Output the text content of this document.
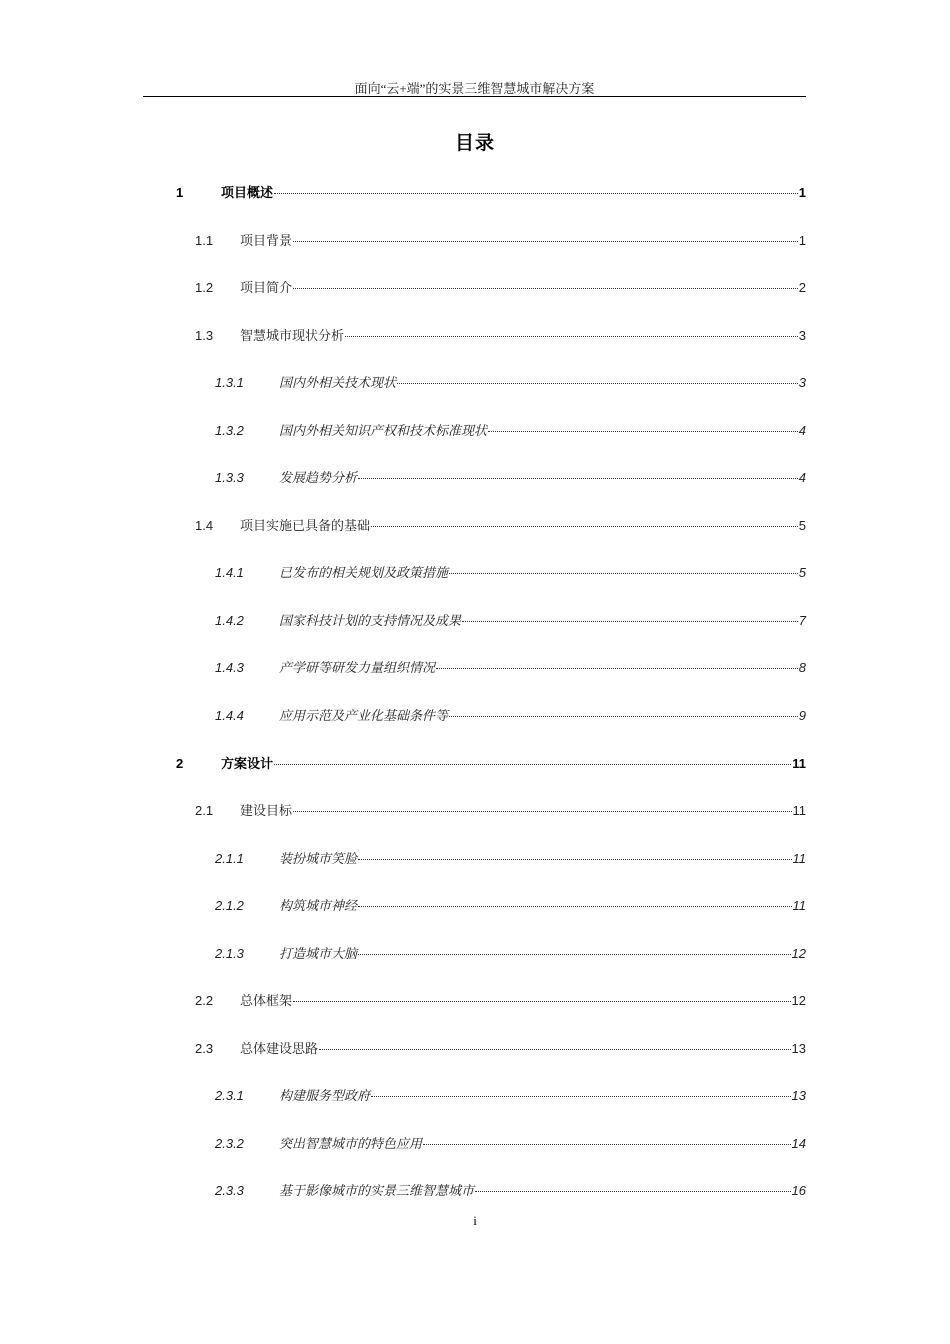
面向“云+端”的实景三维智慧城市解决方案
目录
1	项目概述	1
1.1	项目背景	1
1.2	项目简介	2
1.3	智慧城市现状分析	3
1.3.1	国内外相关技术现状	3
1.3.2	国内外相关知识产权和技术标准现状	4
1.3.3	发展趋势分析	4
1.4	项目实施已具备的基础	5
1.4.1	已发布的相关规划及政策措施	5
1.4.2	国家科技计划的支持情况及成果	7
1.4.3	产学研等研发力量组织情况	8
1.4.4	应用示范及产业化基础条件等	9
2	方案设计	11
2.1	建设目标	11
2.1.1	装扮城市笑脸	11
2.1.2	构筑城市神经	11
2.1.3	打造城市大脑	12
2.2	总体框架	12
2.3	总体建设思路	13
2.3.1	构建服务型政府	13
2.3.2	突出智慧城市的特色应用	14
2.3.3	基于影像城市的实景三维智慧城市	16
i
